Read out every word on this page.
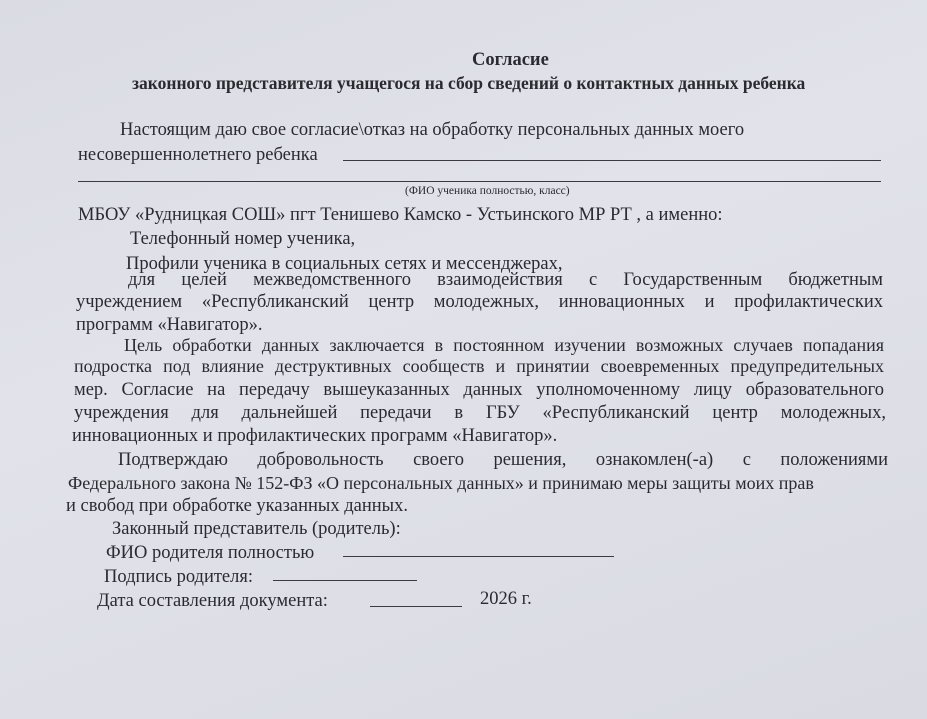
Согласие
законного представителя учащегося на сбор сведений о контактных данных ребенка
Настоящим даю свое согласие\отказ на обработку персональных данных моего
несовершеннолетнего ребенка
(ФИО ученика полностью, класс)
МБОУ «Рудницкая СОШ» пгт Тенишево Камско - Устьинского МР РТ , а именно:
Телефонный номер ученика,
Профили ученика в социальных сетях и мессенджерах,
для целей межведомственного взаимодействия с Государственным бюджетным
учреждением «Республиканский центр молодежных, инновационных и профилактических
программ «Навигатор».
Цель обработки данных заключается в постоянном изучении возможных случаев попадания
подростка под влияние деструктивных сообществ и принятии своевременных предупредительных
мер. Согласие на передачу вышеуказанных данных уполномоченному лицу образовательного
учреждения для дальнейшей передачи в ГБУ «Республиканский центр молодежных,
инновационных и профилактических программ «Навигатор».
Подтверждаю добровольность своего решения, ознакомлен(-а) с положениями
Федерального закона № 152-ФЗ «О персональных данных» и принимаю меры защиты моих прав
и свобод при обработке указанных данных.
Законный представитель (родитель):
ФИО родителя полностью
Подпись родителя:
Дата составления документа:	2026 г.
